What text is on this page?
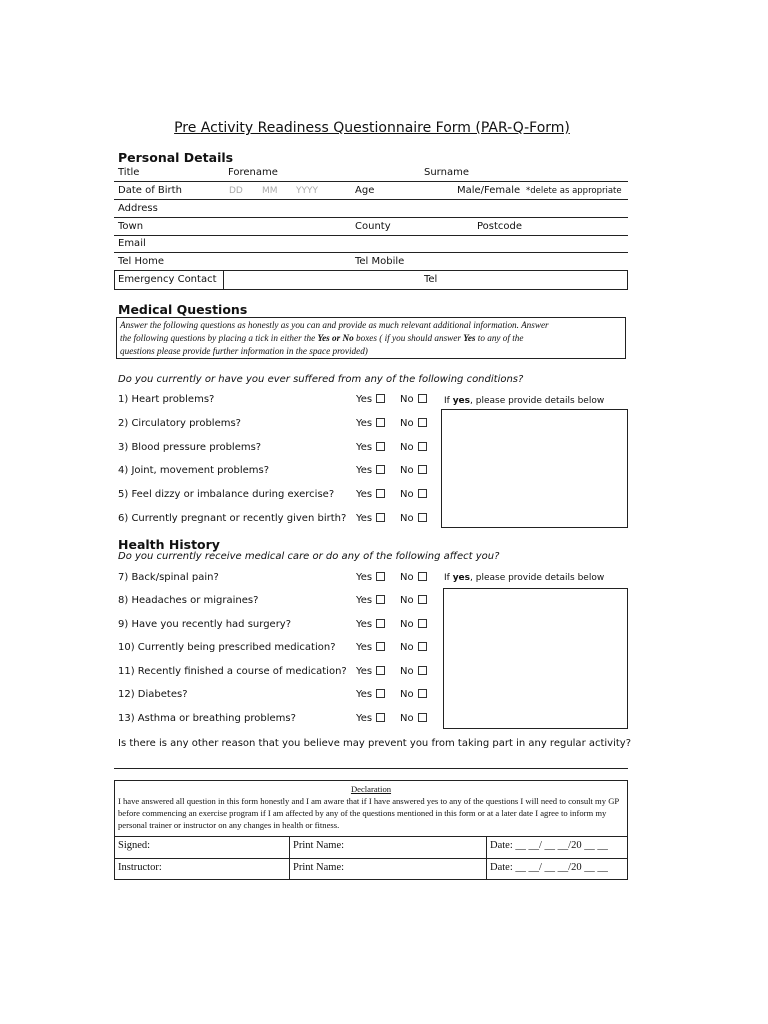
Pre Activity Readiness Questionnaire Form (PAR-Q-Form)
Personal Details
Title	Forename	Surname
Date of Birth	DD MM YYYY	Age	Male/Female *delete as appropriate
Address
Town	County	Postcode
Email
Tel Home	Tel Mobile
Emergency Contact	Tel
Medical Questions
Answer the following questions as honestly as you can and provide as much relevant additional information. Answer
the following questions by placing a tick in either the Yes or No boxes ( if you should answer Yes to any of the
questions please provide further information in the space provided)
Do you currently or have you ever suffered from any of the following conditions?
If yes, please provide details below
1) Heart problems?	Yes	No
2) Circulatory problems?	Yes	No
3) Blood pressure problems?	Yes	No
4) Joint, movement problems?	Yes	No
5) Feel dizzy or imbalance during exercise? Yes	No
6) Currently pregnant or recently given birth? Yes	No
Health History
Do you currently receive medical care or do any of the following affect you?
If yes, please provide details below
7) Back/spinal pain?	Yes	No
8) Headaches or migraines?	Yes	No
9) Have you recently had surgery?	Yes	No
10) Currently being prescribed medication? Yes	No
11) Recently finished a course of medication? Yes	No
12) Diabetes?	Yes	No
13) Asthma or breathing problems?	Yes	No
Is there is any other reason that you believe may prevent you from taking part in any regular activity?
Declaration
I have answered all question in this form honestly and I am aware that if I have answered yes to any of the questions I will need to consult my GP before commencing an exercise program if I am affected by any of the questions mentioned in this form or at a later date I agree to inform my personal trainer or instructor on any changes in health or fitness.
Signed:	Print Name:	Date: __ __/ __ __/20 __ __
Instructor:	Print Name:	Date: __ __/ __ __/20 __ __
